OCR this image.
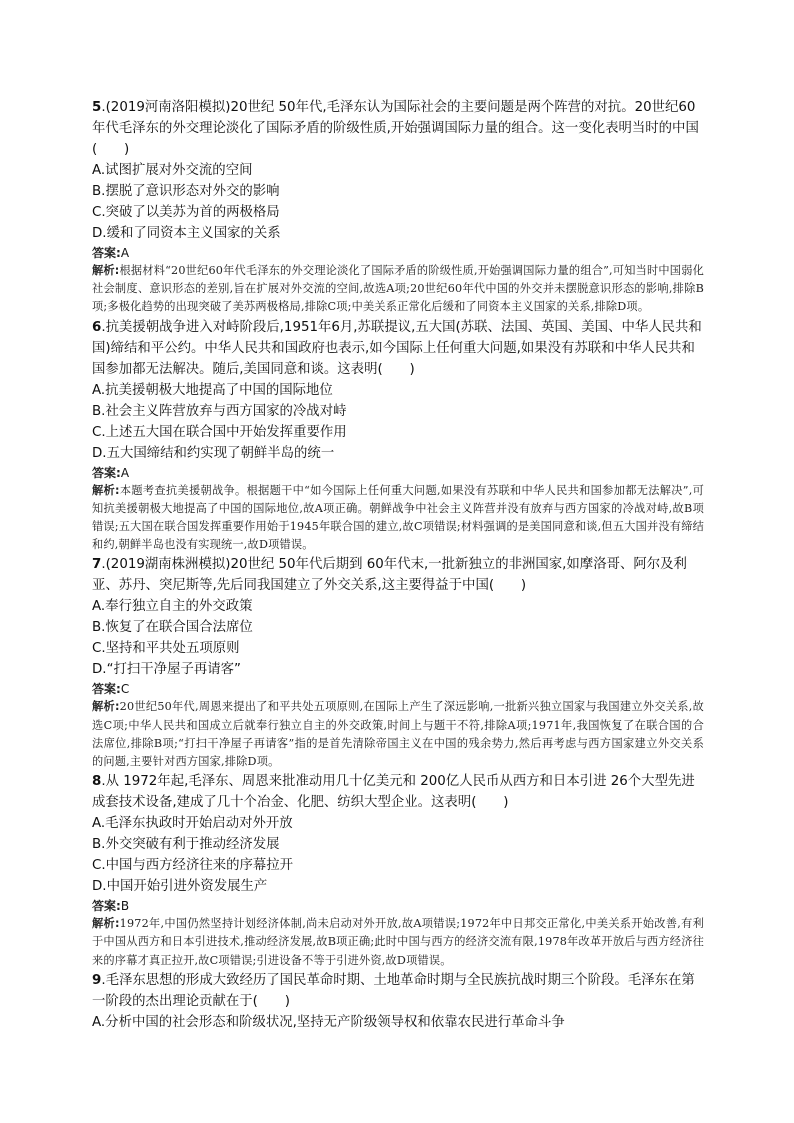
5.(2019河南洛阳模拟)20世纪 50年代,毛泽东认为国际社会的主要问题是两个阵营的对抗。20世纪60年代毛泽东的外交理论淡化了国际矛盾的阶级性质,开始强调国际力量的组合。这一变化表明当时的中国(　　)

A.试图扩展对外交流的空间

B.摆脱了意识形态对外交的影响

C.突破了以美苏为首的两极格局

D.缓和了同资本主义国家的关系

答案:A

解析:根据材料“20世纪60年代毛泽东的外交理论淡化了国际矛盾的阶级性质,开始强调国际力量的组合”,可知当时中国弱化社会制度、意识形态的差别,旨在扩展对外交流的空间,故选A项;20世纪60年代中国的外交并未摆脱意识形态的影响,排除B项;多极化趋势的出现突破了美苏两极格局,排除C项;中美关系正常化后缓和了同资本主义国家的关系,排除D项。

6.抗美援朝战争进入对峙阶段后,1951年6月,苏联提议,五大国(苏联、法国、英国、美国、中华人民共和国)缔结和平公约。中华人民共和国政府也表示,如今国际上任何重大问题,如果没有苏联和中华人民共和国参加都无法解决。随后,美国同意和谈。这表明(　　)

A.抗美援朝极大地提高了中国的国际地位

B.社会主义阵营放弃与西方国家的冷战对峙

C.上述五大国在联合国中开始发挥重要作用

D.五大国缔结和约实现了朝鲜半岛的统一

答案:A

解析:本题考查抗美援朝战争。根据题干中“如今国际上任何重大问题,如果没有苏联和中华人民共和国参加都无法解决”,可知抗美援朝极大地提高了中国的国际地位,故A项正确。朝鲜战争中社会主义阵营并没有放弃与西方国家的冷战对峙,故B项错误;五大国在联合国发挥重要作用始于1945年联合国的建立,故C项错误;材料强调的是美国同意和谈,但五大国并没有缔结和约,朝鲜半岛也没有实现统一,故D项错误。

7.(2019湖南株洲模拟)20世纪 50年代后期到 60年代末,一批新独立的非洲国家,如摩洛哥、阿尔及利亚、苏丹、突尼斯等,先后同我国建立了外交关系,这主要得益于中国(　　)

A.奉行独立自主的外交政策

B.恢复了在联合国合法席位

C.坚持和平共处五项原则

D.“打扫干净屋子再请客”

答案:C

解析:20世纪50年代,周恩来提出了和平共处五项原则,在国际上产生了深远影响,一批新兴独立国家与我国建立外交关系,故选C项;中华人民共和国成立后就奉行独立自主的外交政策,时间上与题干不符,排除A项;1971年,我国恢复了在联合国的合法席位,排除B项;“打扫干净屋子再请客”指的是首先清除帝国主义在中国的残余势力,然后再考虑与西方国家建立外交关系的问题,主要针对西方国家,排除D项。

8.从 1972年起,毛泽东、周恩来批准动用几十亿美元和 200亿人民币从西方和日本引进 26个大型先进成套技术设备,建成了几十个冶金、化肥、纺织大型企业。这表明(　　)

A.毛泽东执政时开始启动对外开放

B.外交突破有利于推动经济发展

C.中国与西方经济往来的序幕拉开

D.中国开始引进外资发展生产

答案:B

解析:1972年,中国仍然坚持计划经济体制,尚未启动对外开放,故A项错误;1972年中日邦交正常化,中美关系开始改善,有利于中国从西方和日本引进技术,推动经济发展,故B项正确;此时中国与西方的经济交流有限,1978年改革开放后与西方经济往来的序幕才真正拉开,故C项错误;引进设备不等于引进外资,故D项错误。

9.毛泽东思想的形成大致经历了国民革命时期、土地革命时期与全民族抗战时期三个阶段。毛泽东在第一阶段的杰出理论贡献在于(　　)

A.分析中国的社会形态和阶级状况,坚持无产阶级领导权和依靠农民进行革命斗争
